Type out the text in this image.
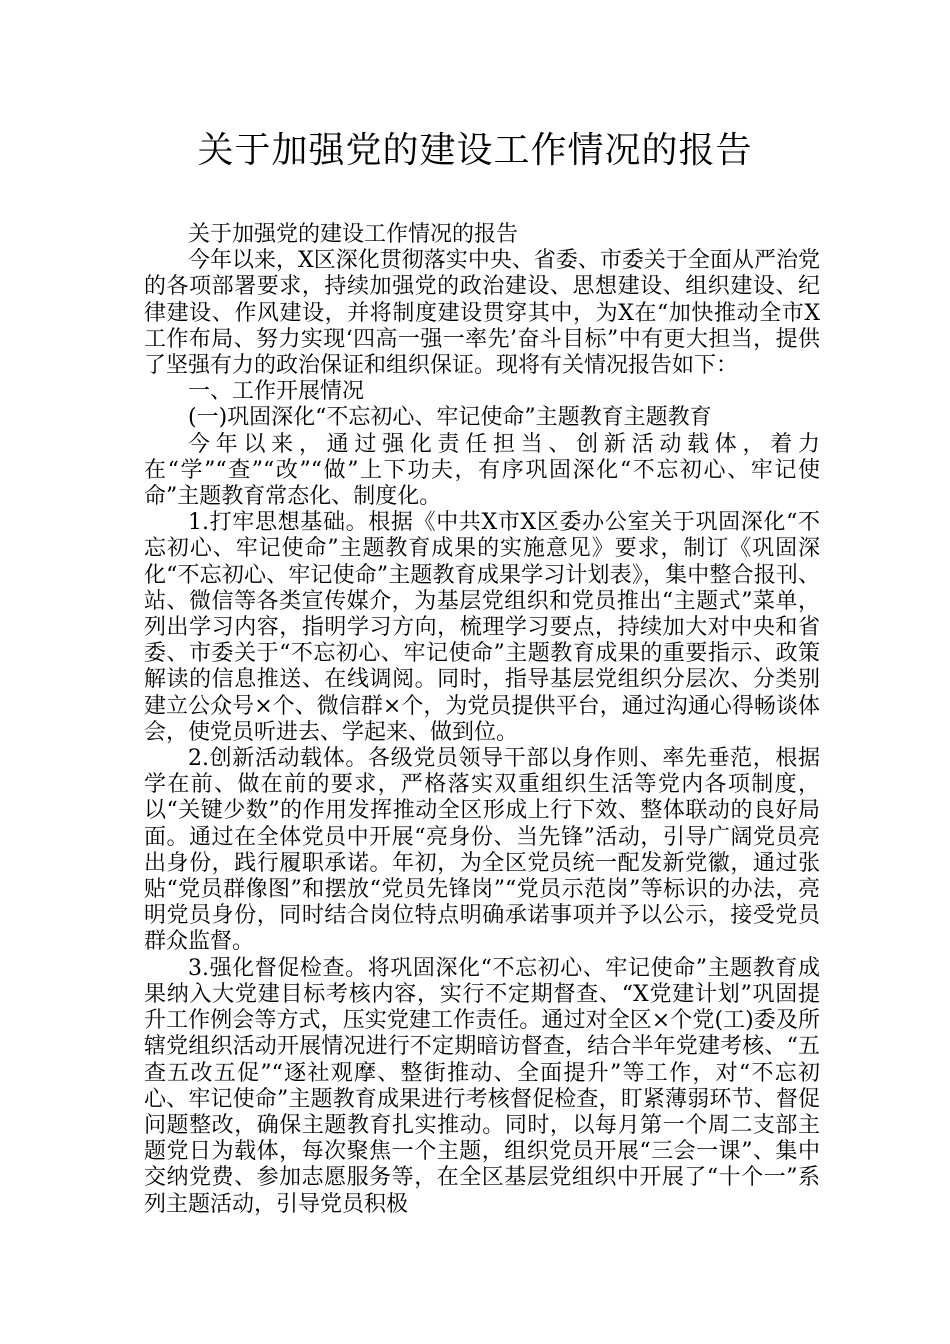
关于加强党的建设工作情况的报告

关于加强党的建设工作情况的报告

今年以来，X区深化贯彻落实中央、省委、市委关于全面从严治党的各项部署要求，持续加强党的政治建设、思想建设、组织建设、纪律建设、作风建设，并将制度建设贯穿其中，为X在“加快推动全市X工作布局、努力实现‘四高一强一率先’奋斗目标”中有更大担当，提供了坚强有力的政治保证和组织保证。现将有关情况报告如下：

一、工作开展情况

(一)巩固深化“不忘初心、牢记使命”主题教育主题教育

今年以来，通过强化责任担当、创新活动载体，着力在“学”“查”“改”“做”上下功夫，有序巩固深化“不忘初心、牢记使命”主题教育常态化、制度化。

1.打牢思想基础。根据《中共X市X区委办公室关于巩固深化“不忘初心、牢记使命”主题教育成果的实施意见》要求，制订《巩固深化“不忘初心、牢记使命”主题教育成果学习计划表》，集中整合报刊、站、微信等各类宣传媒介，为基层党组织和党员推出“主题式”菜单，列出学习内容，指明学习方向，梳理学习要点，持续加大对中央和省委、市委关于“不忘初心、牢记使命”主题教育成果的重要指示、政策解读的信息推送、在线调阅。同时，指导基层党组织分层次、分类别建立公众号×个、微信群×个，为党员提供平台，通过沟通心得畅谈体会，使党员听进去、学起来、做到位。

2.创新活动载体。各级党员领导干部以身作则、率先垂范，根据学在前、做在前的要求，严格落实双重组织生活等党内各项制度，以“关键少数”的作用发挥推动全区形成上行下效、整体联动的良好局面。通过在全体党员中开展“亮身份、当先锋”活动，引导广阔党员亮出身份，践行履职承诺。年初，为全区党员统一配发新党徽，通过张贴“党员群像图”和摆放“党员先锋岗”“党员示范岗”等标识的办法，亮明党员身份，同时结合岗位特点明确承诺事项并予以公示，接受党员群众监督。

3.强化督促检查。将巩固深化“不忘初心、牢记使命”主题教育成果纳入大党建目标考核内容，实行不定期督查、“X党建计划”巩固提升工作例会等方式，压实党建工作责任。通过对全区×个党(工)委及所辖党组织活动开展情况进行不定期暗访督查，结合半年党建考核、“五查五改五促”“逐社观摩、整街推动、全面提升”等工作，对“不忘初心、牢记使命”主题教育成果进行考核督促检查，盯紧薄弱环节、督促问题整改，确保主题教育扎实推动。同时，以每月第一个周二支部主题党日为载体，每次聚焦一个主题，组织党员开展“三会一课”、集中交纳党费、参加志愿服务等，在全区基层党组织中开展了“十个一”系列主题活动，引导党员积极
